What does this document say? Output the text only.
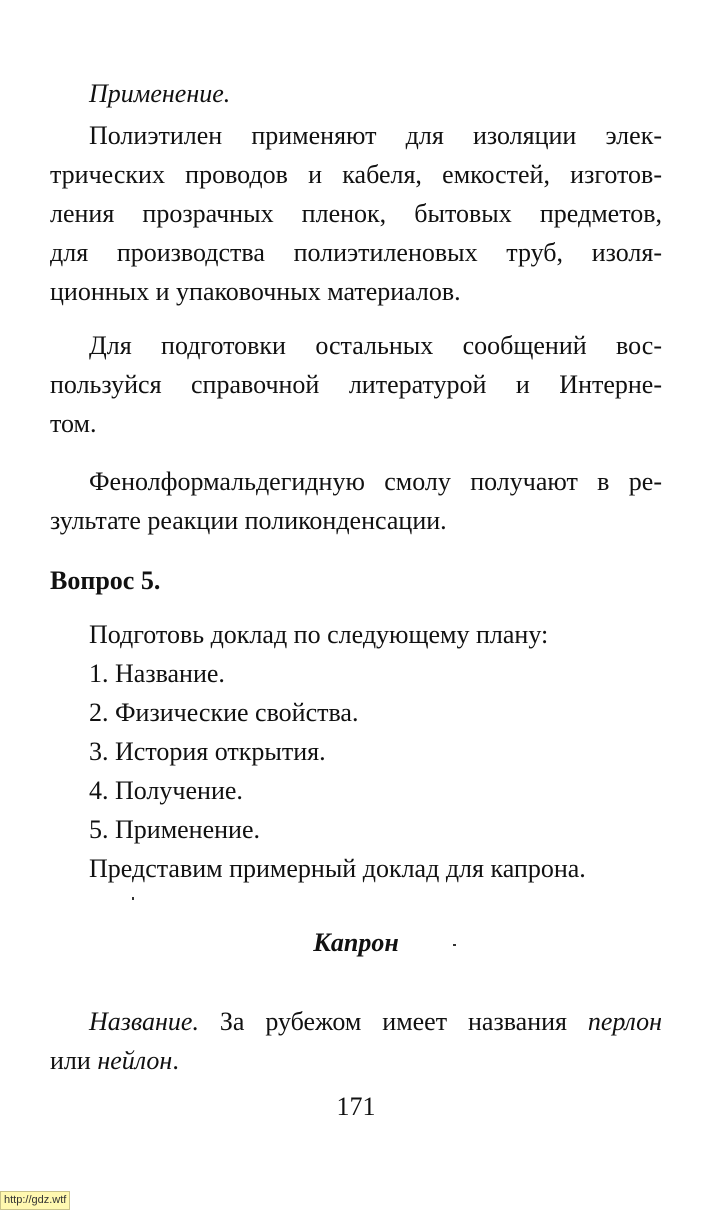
Применение.
Полиэтилен применяют для изоляции элек-
трических проводов и кабеля, емкостей, изготов-
ления прозрачных пленок, бытовых предметов,
для производства полиэтиленовых труб, изоля-
ционных и упаковочных материалов.
Для подготовки остальных сообщений вос-
пользуйся справочной литературой и Интерне-
том.
Фенолформальдегидную смолу получают в ре-
зультате реакции поликонденсации.
Вопрос 5.
Подготовь доклад по следующему плану:
1. Название.
2. Физические свойства.
3. История открытия.
4. Получение.
5. Применение.
Представим примерный доклад для капрона.
Капрон
Название. За рубежом имеет названия перлон
или нейлон.
171
http://gdz.wtf
